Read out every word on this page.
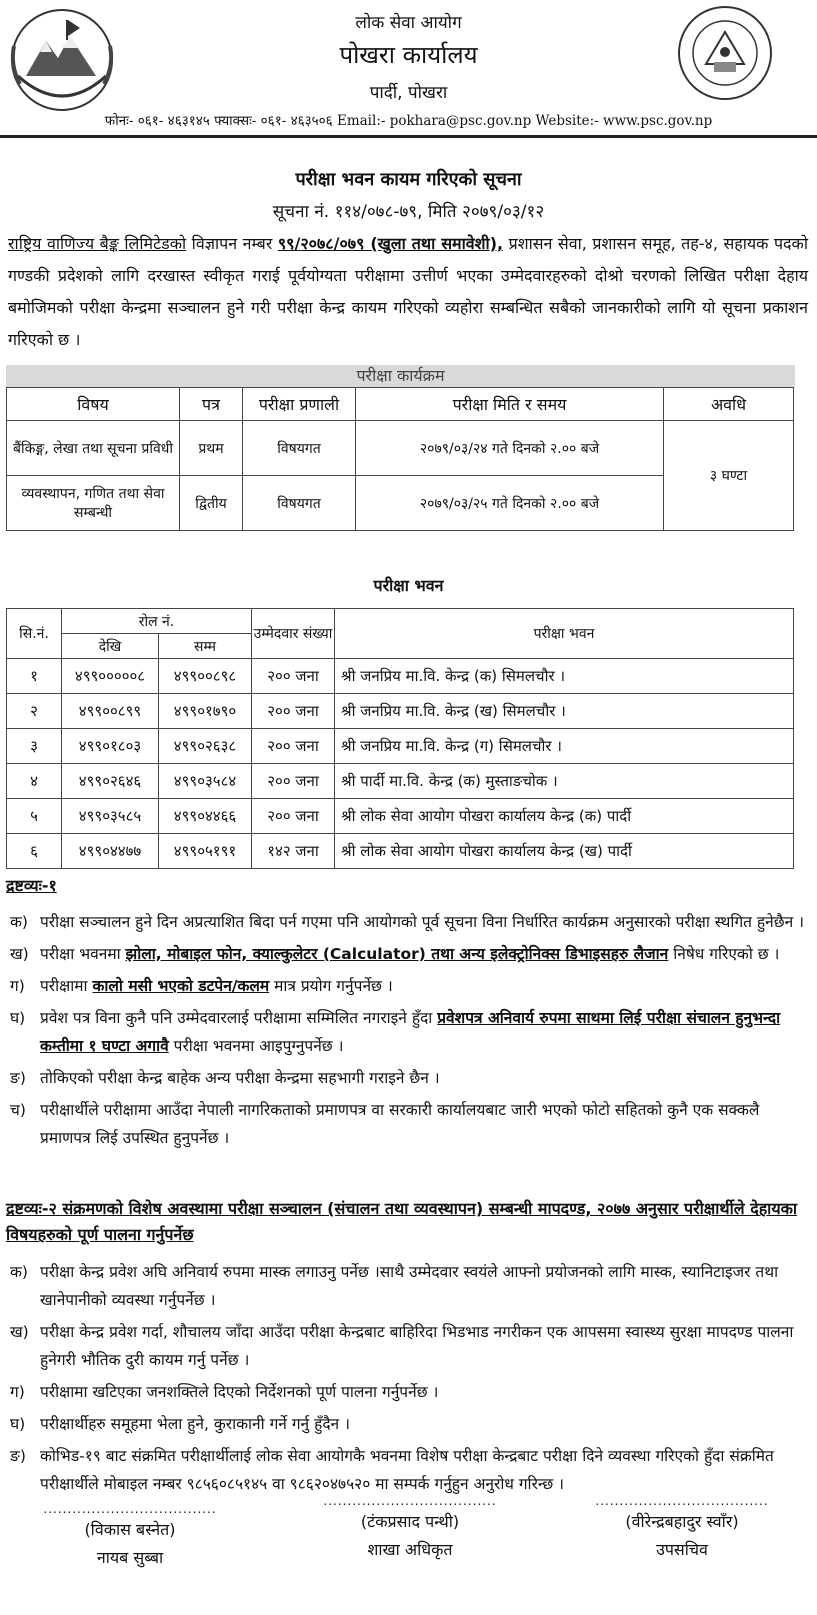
लोक सेवा आयोग
पोखरा कार्यालय
पार्दी, पोखरा
फोनः- ०६१- ४६३१४५ फ्याक्सः- ०६१- ४६३५०६ Email:- pokhara@psc.gov.np Website:- www.psc.gov.np
परीक्षा भवन कायम गरिएको सूचना
सूचना नं. ११४/०७८-७९, मिति २०७९/०३/१२
राष्ट्रिय वाणिज्य बैङ्क लिमिटेडको विज्ञापन नम्बर ९९/२०७८/०७९ (खुला तथा समावेशी), प्रशासन सेवा, प्रशासन समूह, तह-४, सहायक पदको गण्डकी प्रदेशको लागि दरखास्त स्वीकृत गराई पूर्वयोग्यता परीक्षामा उत्तीर्ण भएका उम्मेदवारहरुको दोश्रो चरणको लिखित परीक्षा देहाय बमोजिमको परीक्षा केन्द्रमा सञ्चालन हुने गरी परीक्षा केन्द्र कायम गरिएको व्यहोरा सम्बन्धित सबैको जानकारीको लागि यो सूचना प्रकाशन गरिएको छ ।
परीक्षा कार्यक्रम
विषय	पत्र	परीक्षा प्रणाली	परीक्षा मिति र समय	अवधि
बैंकिङ्ग, लेखा तथा सूचना प्रविधी	प्रथम	विषयगत	२०७९/०३/२४ गते दिनको २.०० बजे	३ घण्टा
व्यवस्थापन, गणित तथा सेवा सम्बन्धी	द्वितीय	विषयगत	२०७९/०३/२५ गते दिनको २.०० बजे	
परीक्षा भवन
सि.नं.	रोल नं.		उम्मेदवार संख्या	परीक्षा भवन
	देखि	सम्म		
१	४९९०००००८	४९९००८९८	२०० जना	श्री जनप्रिय मा.वि. केन्द्र (क) सिमलचौर ।
२	४९९००८९९	४९९०१७९०	२०० जना	श्री जनप्रिय मा.वि. केन्द्र (ख) सिमलचौर ।
३	४९९०१८०३	४९९०२६३८	२०० जना	श्री जनप्रिय मा.वि. केन्द्र (ग) सिमलचौर ।
४	४९९०२६४६	४९९०३५८४	२०० जना	श्री पार्दी मा.वि. केन्द्र (क) मुस्ताङचोक ।
५	४९९०३५८५	४९९०४४६६	२०० जना	श्री लोक सेवा आयोग पोखरा कार्यालय केन्द्र (क) पार्दी
६	४९९०४४७७	४९९०५१९१	१४२ जना	श्री लोक सेवा आयोग पोखरा कार्यालय केन्द्र (ख) पार्दी
द्रष्टव्यः-१
क) परीक्षा सञ्चालन हुने दिन अप्रत्याशित बिदा पर्न गएमा पनि आयोगको पूर्व सूचना विना निर्धारित कार्यक्रम अनुसारको परीक्षा स्थगित हुनेछैन ।
ख) परीक्षा भवनमा झोला, मोबाइल फोन, क्याल्कुलेटर (Calculator) तथा अन्य इलेक्ट्रोनिक्स डिभाइसहरु लैजान निषेध गरिएको छ ।
ग) परीक्षामा कालो मसी भएको डटपेन/कलम मात्र प्रयोग गर्नुपर्नेछ ।
घ) प्रवेश पत्र विना कुनै पनि उम्मेदवारलाई परीक्षामा सम्मिलित नगराइने हुँदा प्रवेशपत्र अनिवार्य रुपमा साथमा लिई परीक्षा संचालन हुनुभन्दा कम्तीमा १ घण्टा अगावै परीक्षा भवनमा आइपुग्नुपर्नेछ ।
ङ) तोकिएको परीक्षा केन्द्र बाहेक अन्य परीक्षा केन्द्रमा सहभागी गराइने छैन ।
च) परीक्षार्थीले परीक्षामा आउँदा नेपाली नागरिकताको प्रमाणपत्र वा सरकारी कार्यालयबाट जारी भएको फोटो सहितको कुनै एक सक्कलै प्रमाणपत्र लिई उपस्थित हुनुपर्नेछ ।
द्रष्टव्यः-२ संक्रमणको विशेष अवस्थामा परीक्षा सञ्चालन (संचालन तथा व्यवस्थापन) सम्बन्धी मापदण्ड, २०७७ अनुसार परीक्षार्थीले देहायका विषयहरुको पूर्ण पालना गर्नुपर्नेछ
क) परीक्षा केन्द्र प्रवेश अघि अनिवार्य रुपमा मास्क लगाउनु पर्नेछ ।साथै उम्मेदवार स्वयंले आफ्नो प्रयोजनको लागि मास्क, स्यानिटाइजर तथा खानेपानीको व्यवस्था गर्नुपर्नेछ ।
ख) परीक्षा केन्द्र प्रवेश गर्दा, शौचालय जाँदा आउँदा परीक्षा केन्द्रबाट बाहिरिदा भिडभाड नगरीकन एक आपसमा स्वास्थ्य सुरक्षा मापदण्ड पालना हुनेगरी भौतिक दुरी कायम गर्नु पर्नेछ ।
ग) परीक्षामा खटिएका जनशक्तिले दिएको निर्देशनको पूर्ण पालना गर्नुपर्नेछ ।
घ) परीक्षार्थीहरु समूहमा भेला हुने, कुराकानी गर्ने गर्नु हुँदैन ।
ङ) कोभिड-१९ बाट संक्रमित परीक्षार्थीलाई लोक सेवा आयोगकै भवनमा विशेष परीक्षा केन्द्रबाट परीक्षा दिने व्यवस्था गरिएको हुँदा संक्रमित परीक्षार्थीले मोबाइल नम्बर ९८५६०८५१४५ वा ९८६२०४७५२० मा सम्पर्क गर्नुहुन अनुरोध गरिन्छ ।
....................................
(विकास बस्नेत)
नायब सुब्बा
....................................
(टंकप्रसाद पन्थी)
शाखा अधिकृत
....................................
(वीरेन्द्रबहादुर स्वाँर)
उपसचिव
